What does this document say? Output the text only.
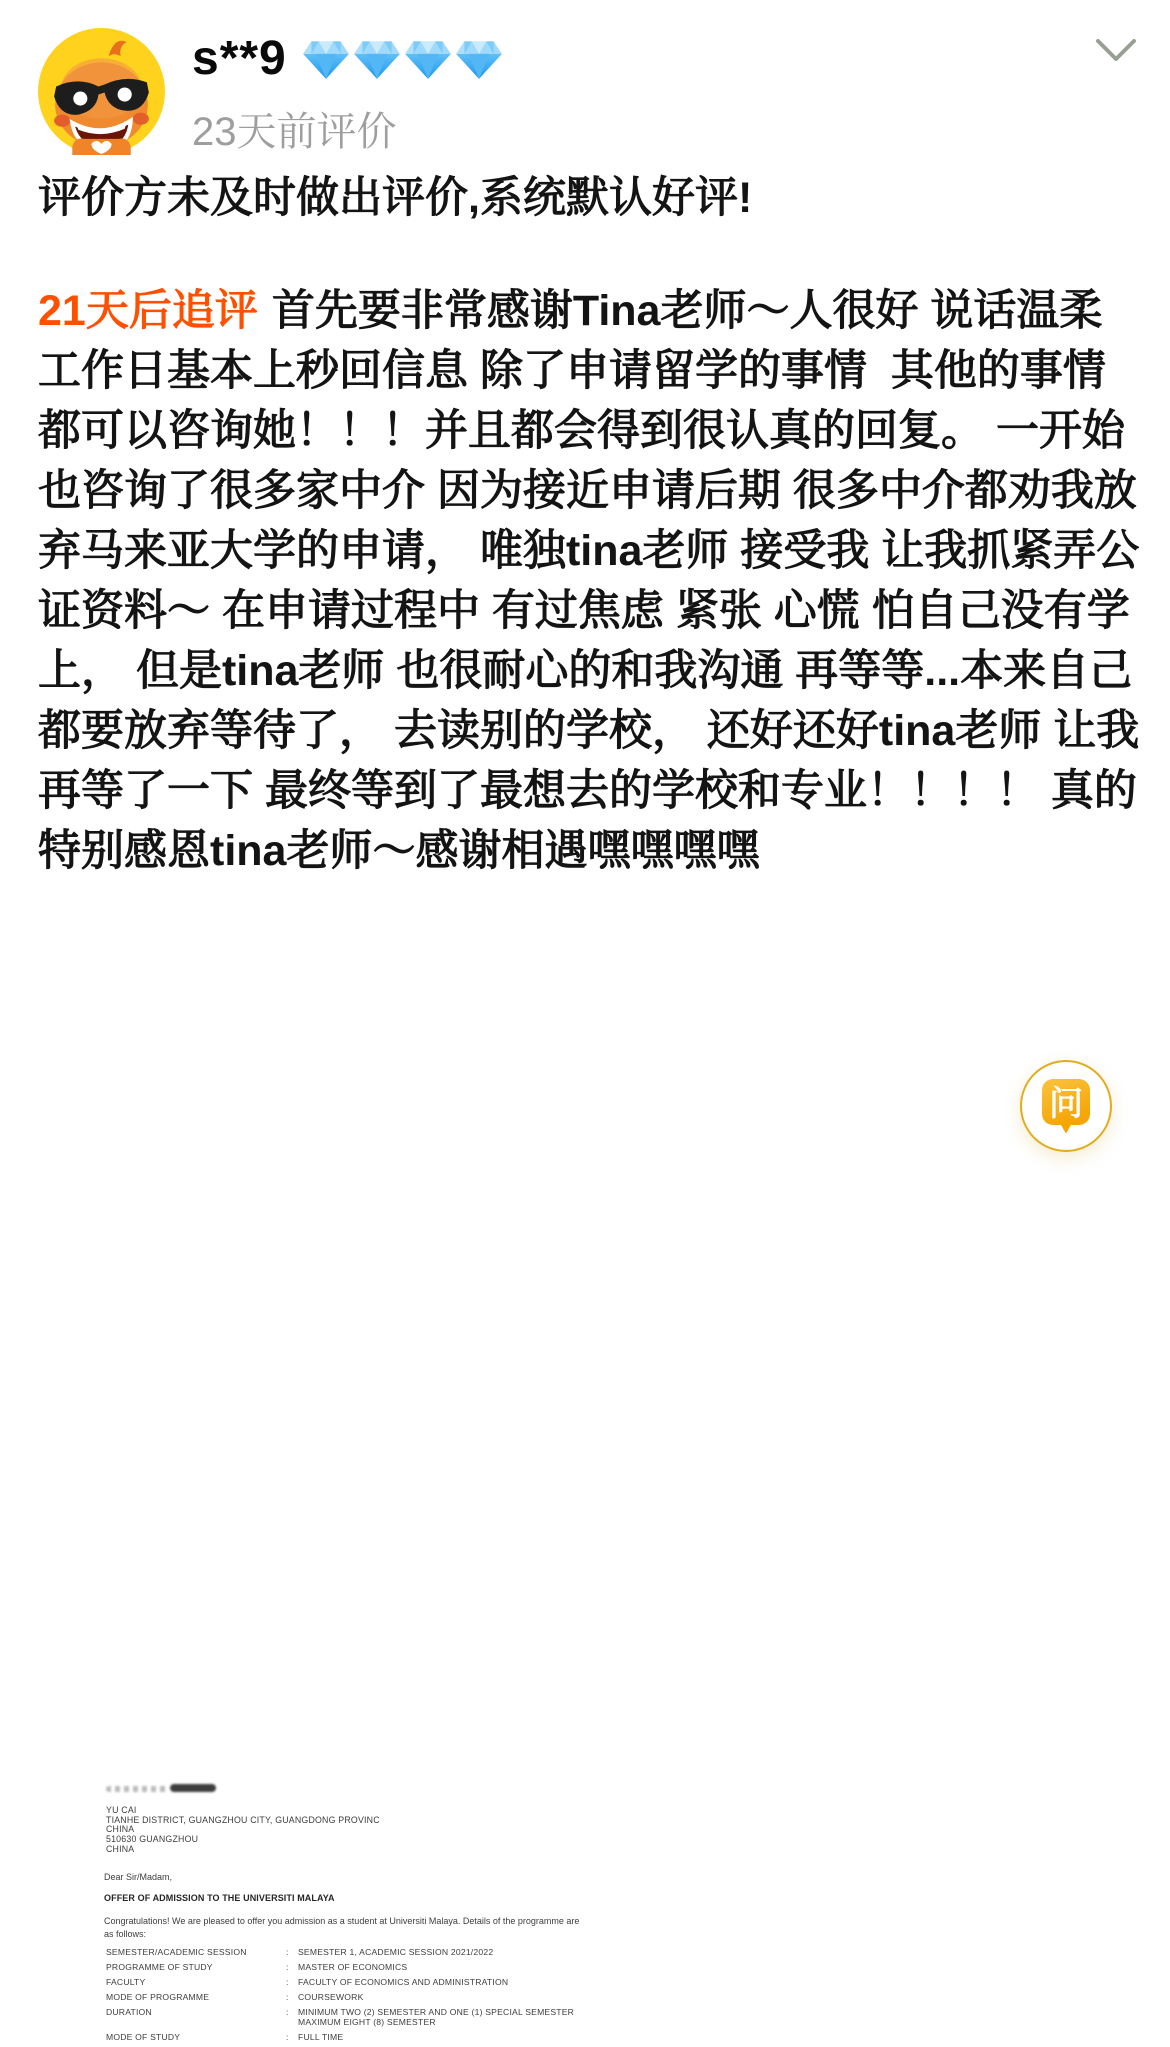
s**9
23天前评价
评价方未及时做出评价,系统默认好评!
21天后追评 首先要非常感谢Tina老师～人很好 说话温柔
工作日基本上秒回信息 除了申请留学的事情  其他的事情
都可以咨询她！！！并且都会得到很认真的回复。 一开始
也咨询了很多家中介 因为接近申请后期 很多中介都劝我放
弃马来亚大学的申请， 唯独tina老师 接受我 让我抓紧弄公
证资料～ 在申请过程中 有过焦虑 紧张 心慌 怕自己没有学
上， 但是tina老师 也很耐心的和我沟通 再等等...本来自己
都要放弃等待了， 去读别的学校， 还好还好tina老师 让我
再等了一下 最终等到了最想去的学校和专业！！！！ 真的
特别感恩tina老师～感谢相遇嘿嘿嘿嘿
YU CAI
TIANHE DISTRICT, GUANGZHOU CITY, GUANGDONG PROVINC
CHINA
510630 GUANGZHOU
CHINA
Dear Sir/Madam,
OFFER OF ADMISSION TO THE UNIVERSITI MALAYA
Congratulations! We are pleased to offer you admission as a student at Universiti Malaya. Details of the programme are
as follows:
SEMESTER/ACADEMIC SESSION	:	SEMESTER 1, ACADEMIC SESSION 2021/2022
PROGRAMME OF STUDY	:	MASTER OF ECONOMICS
FACULTY	:	FACULTY OF ECONOMICS AND ADMINISTRATION
MODE OF PROGRAMME	:	COURSEWORK
DURATION	:	MINIMUM TWO (2) SEMESTER AND ONE (1) SPECIAL SEMESTER
MAXIMUM EIGHT (8) SEMESTER
MODE OF STUDY	:	FULL TIME
问
